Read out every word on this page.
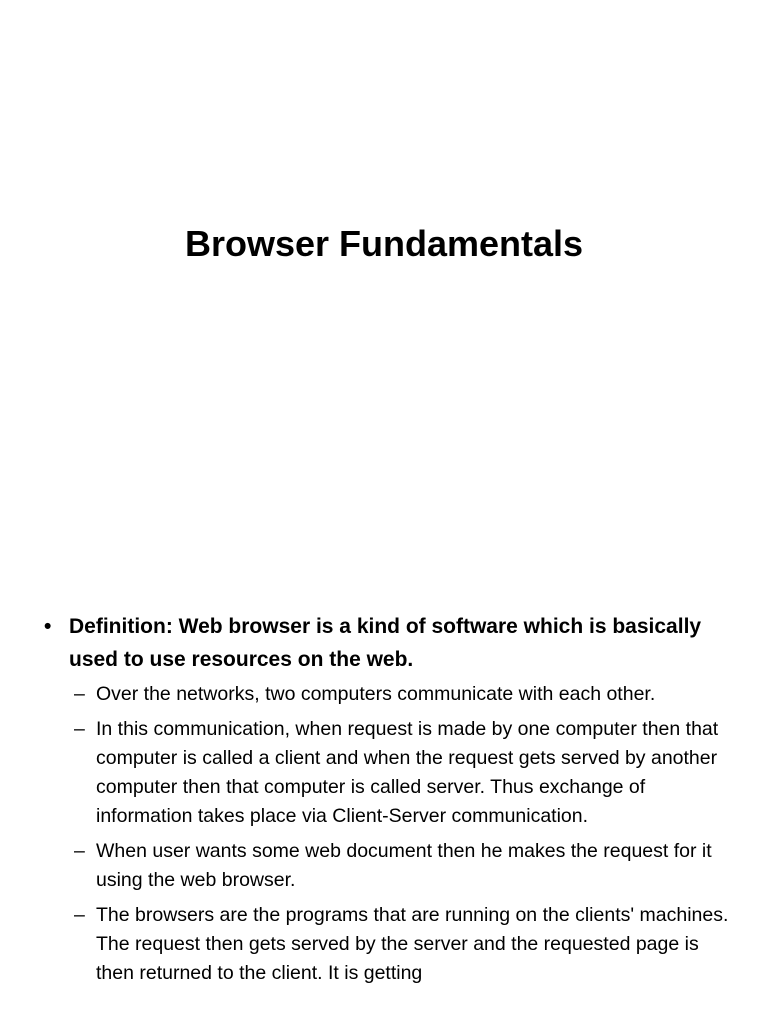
Browser Fundamentals
• Definition: Web browser is a kind of software which is basically used to use resources on the web.
– Over the networks, two computers communicate with each other.
– In this communication, when request is made by one computer then that computer is called a client and when the request gets served by another computer then that computer is called server. Thus exchange of information takes place via Client-Server communication.
– When user wants some web document then he makes the request for it using the web browser.
– The browsers are the programs that are running on the clients' machines. The request then gets served by the server and the requested page is then returned to the client. It is getting
